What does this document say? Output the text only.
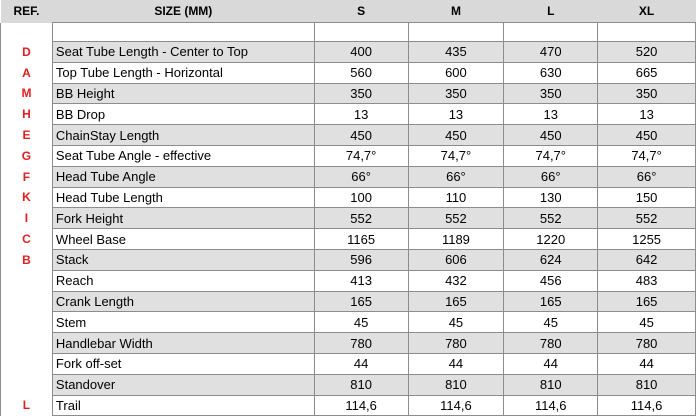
REF.	SIZE (MM)	S	M	L	XL

D	Seat Tube Length - Center to Top	400	435	470	520
A	Top Tube Length - Horizontal	560	600	630	665
M	BB Height	350	350	350	350
H	BB Drop	13	13	13	13
E	ChainStay Length	450	450	450	450
G	Seat Tube Angle - effective	74,7°	74,7°	74,7°	74,7°
F	Head Tube Angle	66°	66°	66°	66°
K	Head Tube Length	100	110	130	150
I	Fork Height	552	552	552	552
C	Wheel Base	1165	1189	1220	1255
B	Stack	596	606	624	642
	Reach	413	432	456	483
	Crank Length	165	165	165	165
	Stem	45	45	45	45
	Handlebar Width	780	780	780	780
	Fork off-set	44	44	44	44
	Standover	810	810	810	810
L	Trail	114,6	114,6	114,6	114,6
